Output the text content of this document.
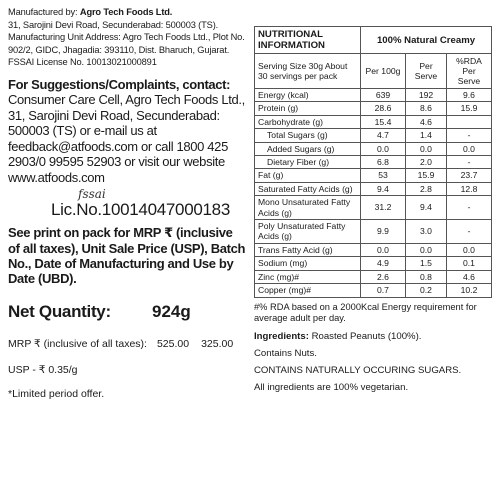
Manufactured by: Agro Tech Foods Ltd.
31, Sarojini Devi Road, Secunderabad: 500003 (TS).
Manufacturing Unit Address: Agro Tech Foods Ltd., Plot No. 902/2, GIDC, Jhagadia: 393110, Dist. Bharuch, Gujarat.
FSSAI License No. 10013021000891
For Suggestions/Complaints, contact:
Consumer Care Cell, Agro Tech Foods Ltd., 31, Sarojini Devi Road, Secunderabad: 500003 (TS) or e-mail us at feedback@atfoods.com or call 1800 425 2903/0 99595 52903 or visit our website www.atfoods.com
fssai
Lic.No.10014047000183
See print on pack for MRP ₹ (inclusive of all taxes), Unit Sale Price (USP), Batch No., Date of Manufacturing and Use by Date (UBD).
Net Quantity:	924g
MRP ₹ (inclusive of all taxes): 525.00 325.00
USP - ₹ 0.35/g
*Limited period offer.
NUTRITIONAL INFORMATION	100% Natural Creamy		
Serving Size 30g About 30 servings per pack	Per 100g	Per Serve	%RDA Per Serve
Energy (kcal)	639	192	9.6
Protein (g)	28.6	8.6	15.9
Carbohydrate (g)	15.4	4.6	
Total Sugars (g)	4.7	1.4	-
Added Sugars (g)	0.0	0.0	0.0
Dietary Fiber (g)	6.8	2.0	-
Fat (g)	53	15.9	23.7
Saturated Fatty Acids (g)	9.4	2.8	12.8
Mono Unsaturated Fatty Acids (g)	31.2	9.4	-
Poly Unsaturated Fatty Acids (g)	9.9	3.0	-
Trans Fatty Acid (g)	0.0	0.0	0.0
Sodium (mg)	4.9	1.5	0.1
Zinc (mg)#	2.6	0.8	4.6
Copper (mg)#	0.7	0.2	10.2
#% RDA based on a 2000Kcal Energy requirement for average adult per day.
Ingredients: Roasted Peanuts (100%).
Contains Nuts.
CONTAINS NATURALLY OCCURING SUGARS.
All ingredients are 100% vegetarian.
